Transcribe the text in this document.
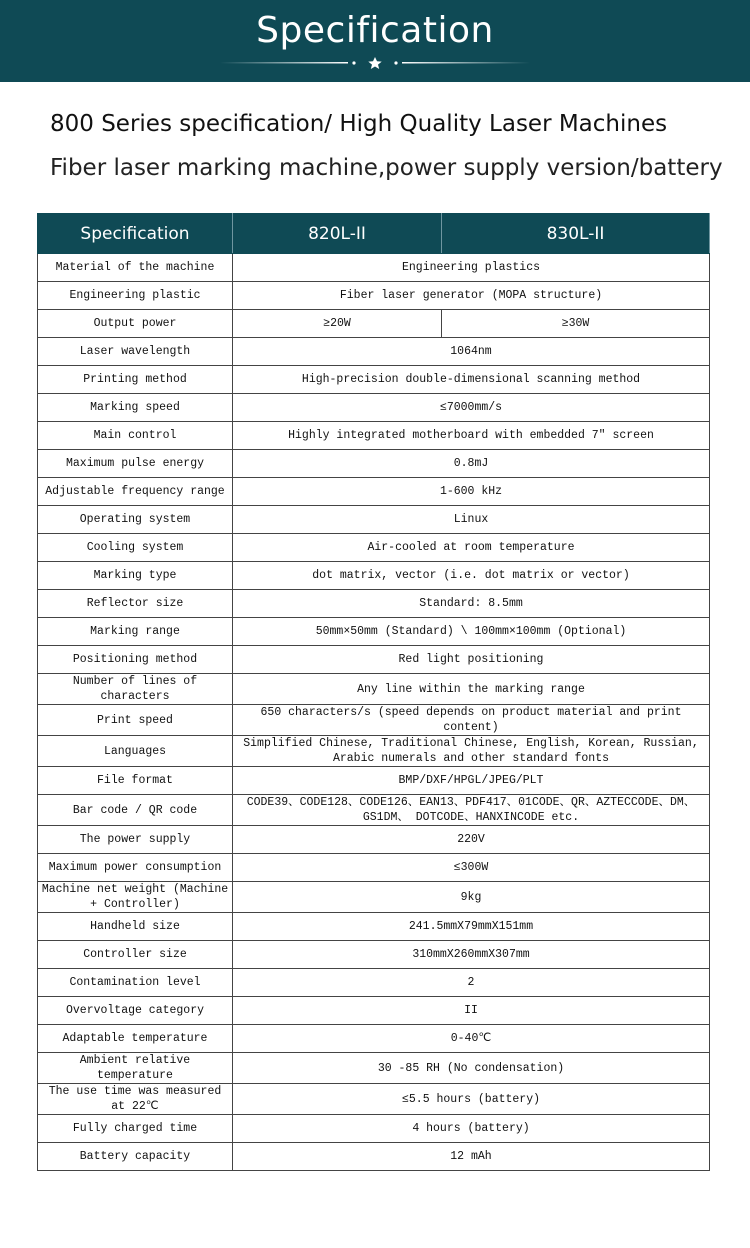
Specification
800 Series specification/ High Quality Laser Machines
Fiber laser marking machine,power supply version/battery
Specification	820L-II	830L-II
Material of the machine	Engineering plastics	
Engineering plastic	Fiber laser generator (MOPA structure)	
Output power	≥20W	≥30W
Laser wavelength	1064nm	
Printing method	High-precision double-dimensional scanning method	
Marking speed	≤7000mm/s	
Main control	Highly integrated motherboard with embedded 7" screen	
Maximum pulse energy	0.8mJ	
Adjustable frequency range	1-600 kHz	
Operating system	Linux	
Cooling system	Air-cooled at room temperature	
Marking type	dot matrix, vector (i.e. dot matrix or vector)	
Reflector size	Standard: 8.5mm	
Marking range	50mm×50mm (Standard) \ 100mm×100mm (Optional)	
Positioning method	Red light positioning	
Number of lines of characters	Any line within the marking range	
Print speed	650 characters/s (speed depends on product material and print content)	
Languages	Simplified Chinese, Traditional Chinese, English, Korean, Russian, Arabic numerals and other standard fonts	
File format	BMP/DXF/HPGL/JPEG/PLT	
Bar code / QR code	CODE39、CODE128、CODE126、EAN13、PDF417、01CODE、QR、AZTECCODE、DM、GS1DM、 DOTCODE、HANXINCODE etc.	
The power supply	220V	
Maximum power consumption	≤300W	
Machine net weight (Machine + Controller)	9kg	
Handheld size	241.5mmX79mmX151mm	
Controller size	310mmX260mmX307mm	
Contamination level	2	
Overvoltage category	II	
Adaptable temperature	0-40℃	
Ambient relative temperature	30 -85 RH (No condensation)	
The use time was measured at 22℃	≤5.5 hours (battery)	
Fully charged time	4 hours (battery)	
Battery capacity	12 mAh	
